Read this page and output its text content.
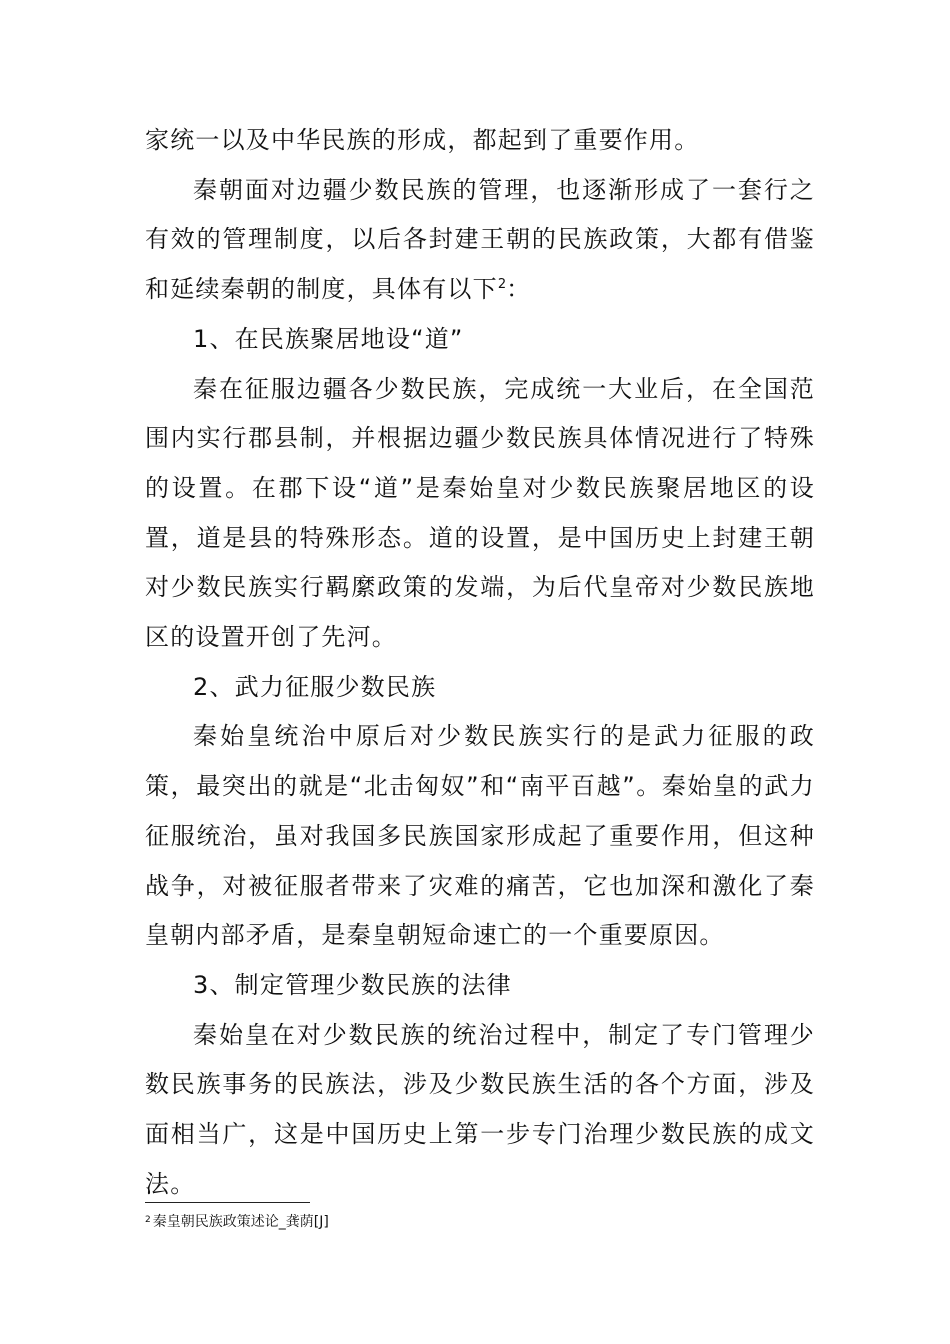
家统一以及中华民族的形成，都起到了重要作用。

秦朝面对边疆少数民族的管理，也逐渐形成了一套行之有效的管理制度，以后各封建王朝的民族政策，大都有借鉴和延续秦朝的制度，具体有以下$^2$：

1、在民族聚居地设“道”

秦在征服边疆各少数民族，完成统一大业后，在全国范围内实行郡县制，并根据边疆少数民族具体情况进行了特殊的设置。在郡下设“道”是秦始皇对少数民族聚居地区的设置，道是县的特殊形态。道的设置，是中国历史上封建王朝对少数民族实行羁縻政策的发端，为后代皇帝对少数民族地区的设置开创了先河。

2、武力征服少数民族

秦始皇统治中原后对少数民族实行的是武力征服的政策，最突出的就是“北击匈奴”和“南平百越”。秦始皇的武力征服统治，虽对我国多民族国家形成起了重要作用，但这种战争，对被征服者带来了灾难的痛苦，它也加深和激化了秦皇朝内部矛盾，是秦皇朝短命速亡的一个重要原因。

3、制定管理少数民族的法律

秦始皇在对少数民族的统治过程中，制定了专门管理少数民族事务的民族法，涉及少数民族生活的各个方面，涉及面相当广，这是中国历史上第一步专门治理少数民族的成文法。

$^2$ 秦皇朝民族政策述论_龚荫[J]
